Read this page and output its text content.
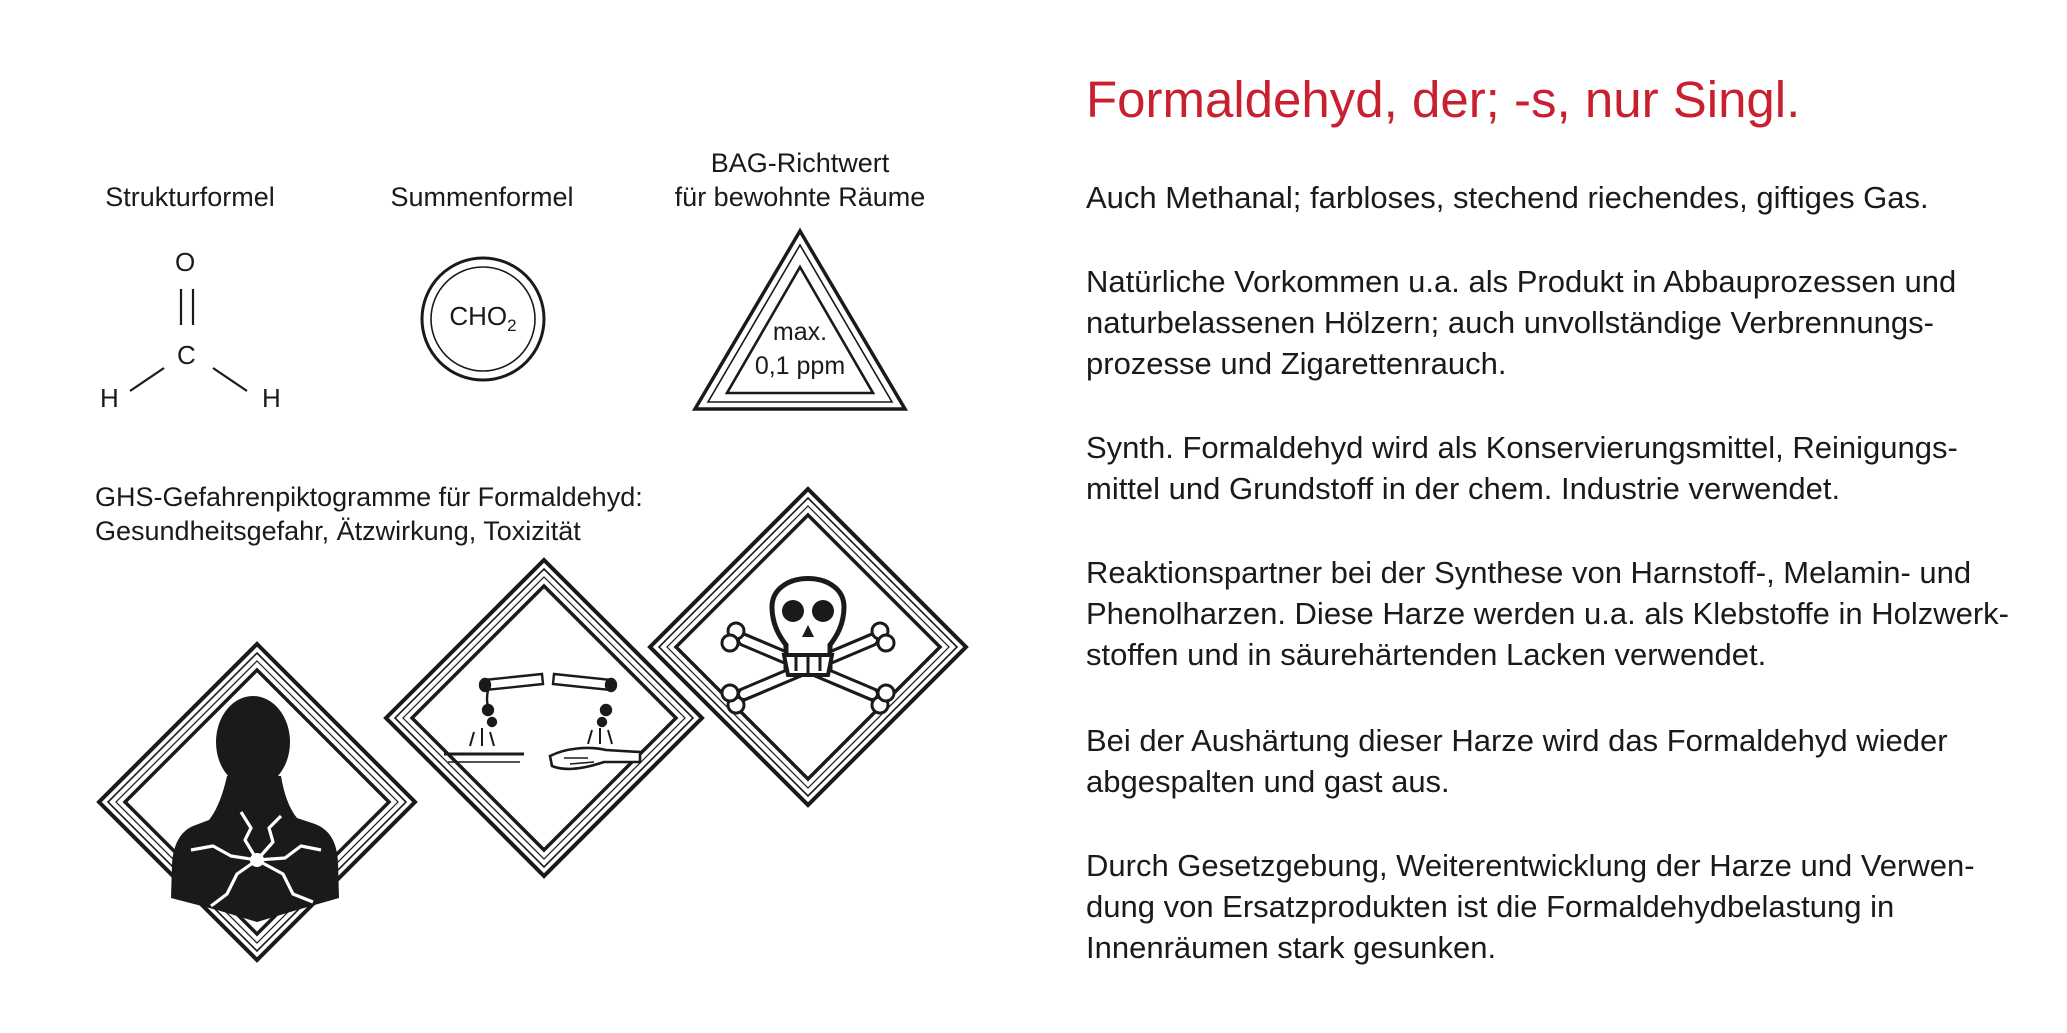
Strukturformel	Summenformel
BAG-Richtwert
für bewohnte Räume
O
C
H	H
$CHO_2$	max.
0,1 ppm
GHS-Gefahrenpiktogramme für Formaldehyd:
Gesundheitsgefahr, Ätzwirkung, Toxizität
Formaldehyd, der; -s, nur Singl.
Auch Methanal; farbloses, stechend riechendes, giftiges Gas.
Natürliche Vorkommen u.a. als Produkt in Abbauprozessen und
naturbelassenen Hölzern; auch unvollständige Verbrennungs-
prozesse und Zigarettenrauch.
Synth. Formaldehyd wird als Konservierungsmittel, Reinigungs-
mittel und Grundstoff in der chem. Industrie verwendet.
Reaktionspartner bei der Synthese von Harnstoff-, Melamin- und
Phenolharzen. Diese Harze werden u.a. als Klebstoffe in Holzwerk-
stoffen und in säurehärtenden Lacken verwendet.
Bei der Aushärtung dieser Harze wird das Formaldehyd wieder
abgespalten und gast aus.
Durch Gesetzgebung, Weiterentwicklung der Harze und Verwen-
dung von Ersatzprodukten ist die Formaldehydbelastung in
Innenräumen stark gesunken.
